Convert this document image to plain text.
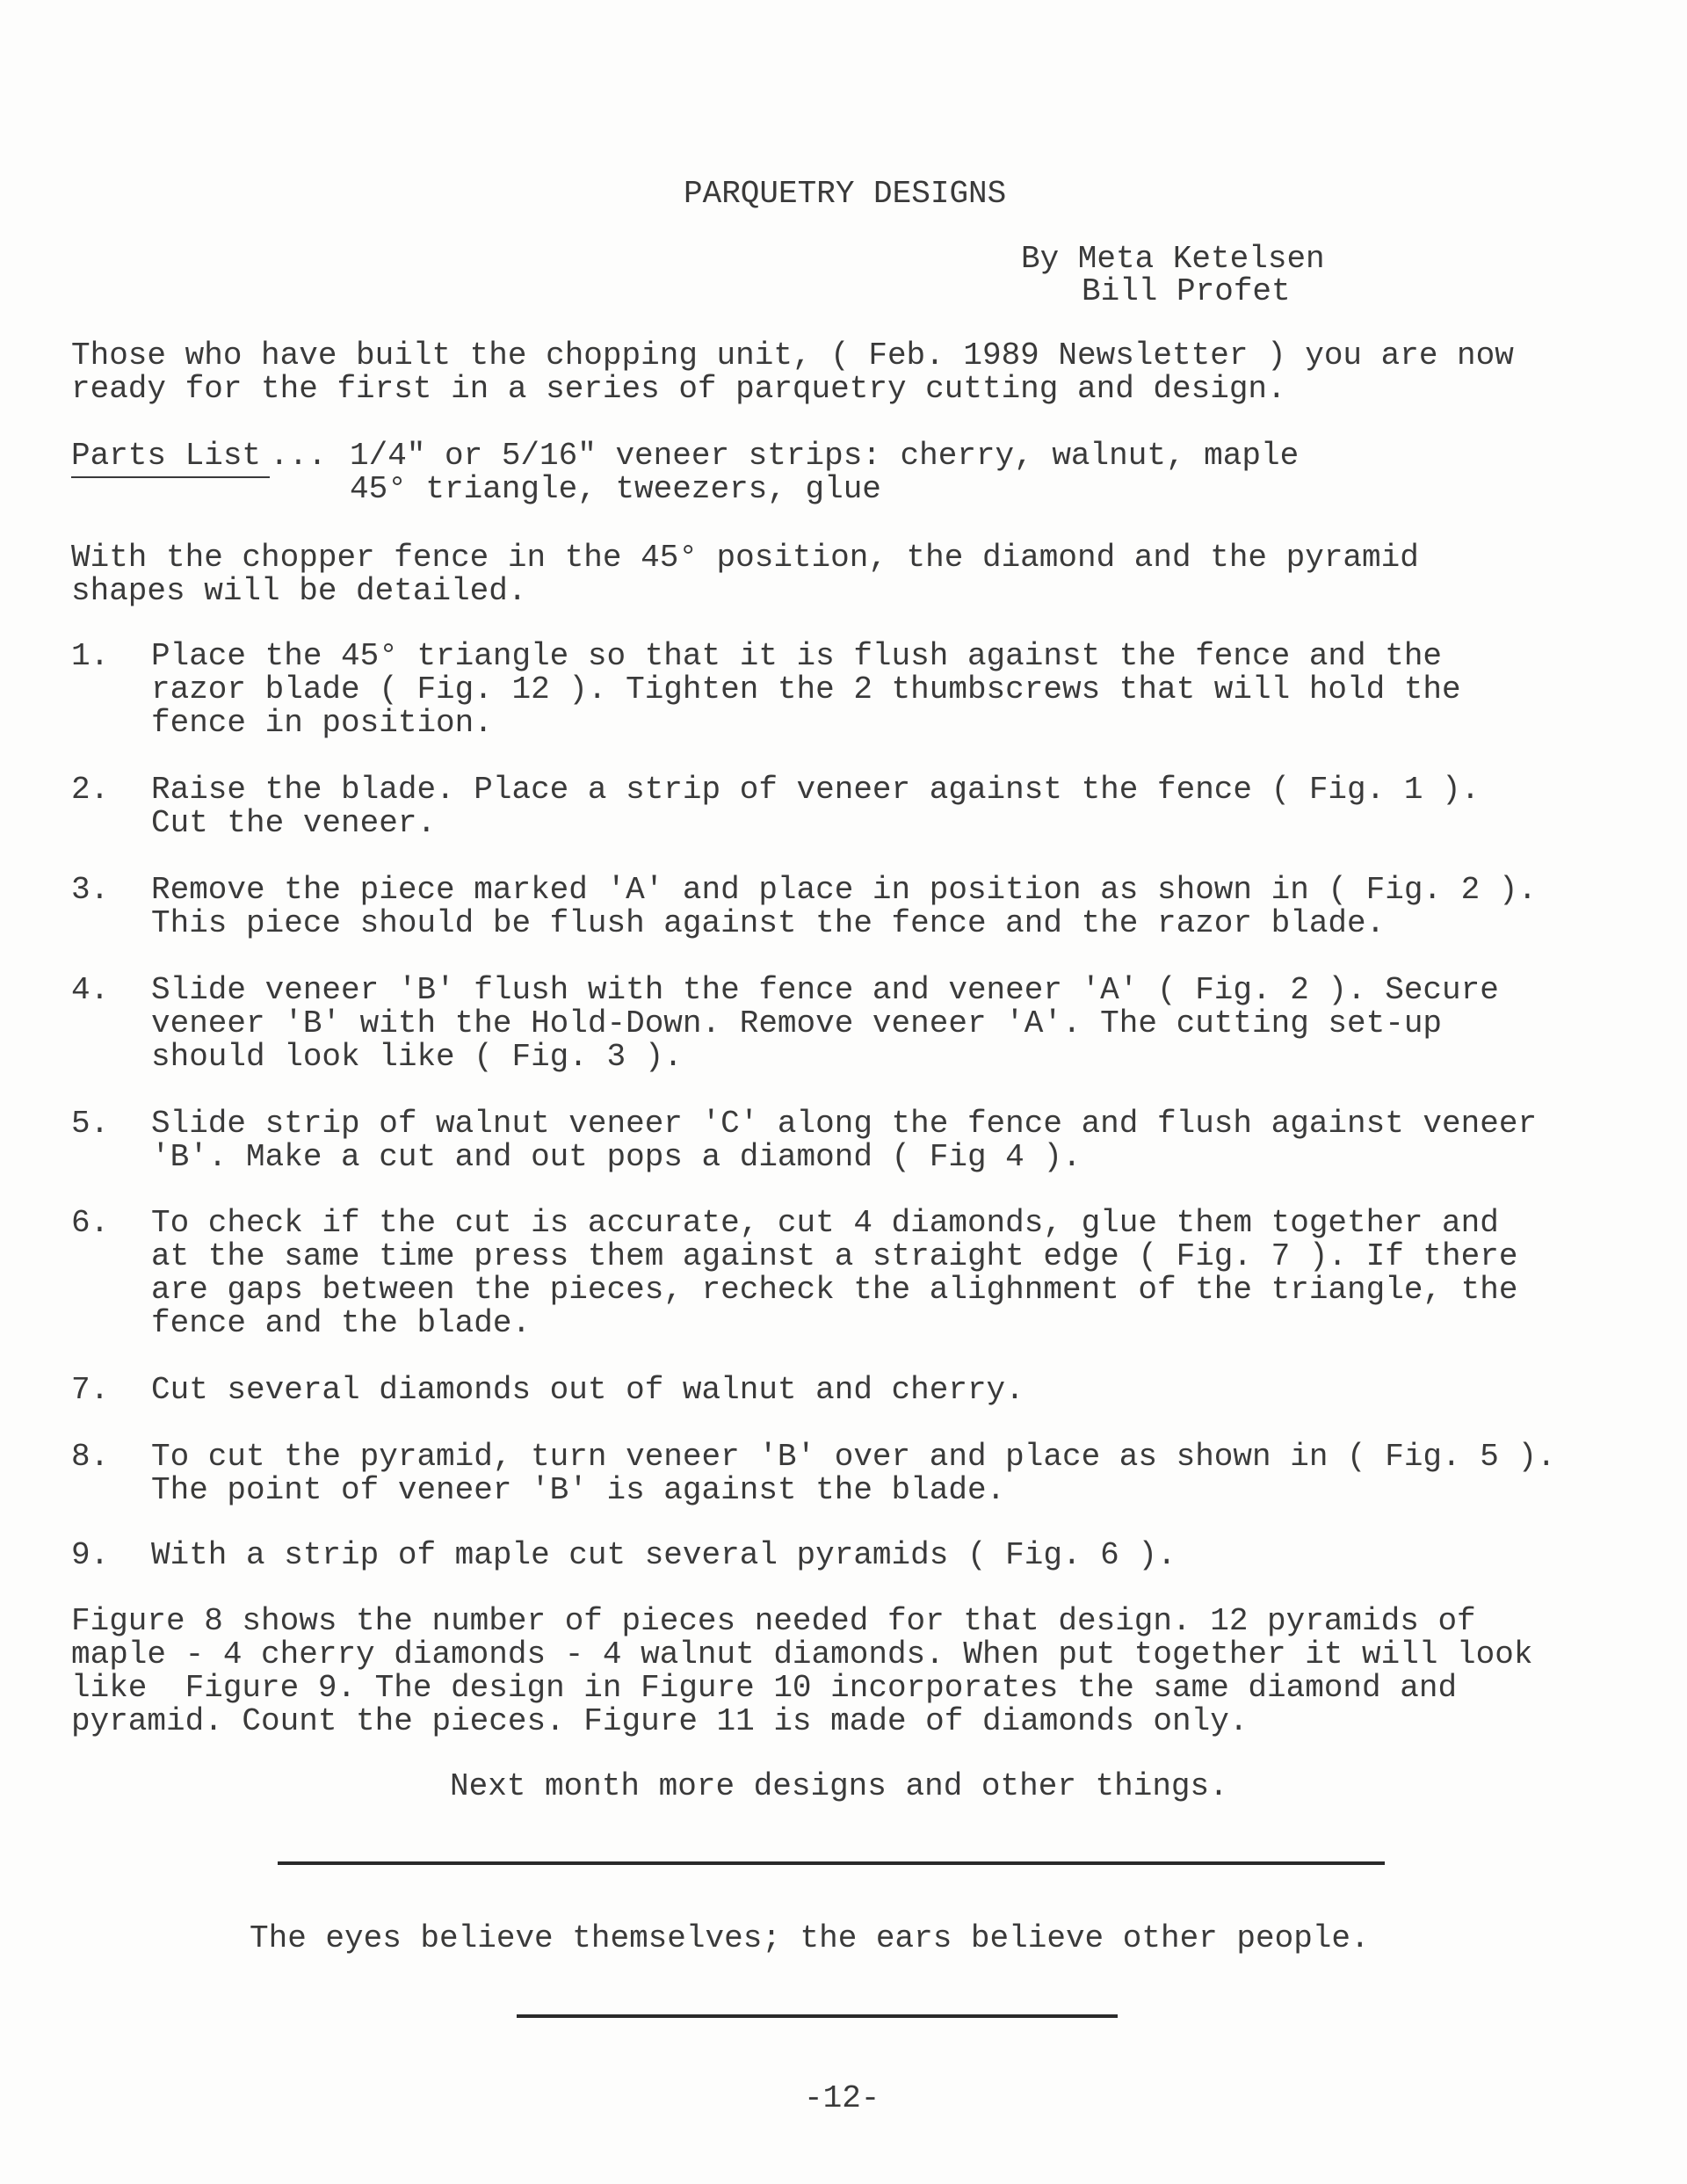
PARQUETRY DESIGNS
By Meta Ketelsen
Bill Profet
Those who have built the chopping unit, ( Feb. 1989 Newsletter ) you are now
ready for the first in a series of parquetry cutting and design.
Parts List ... 1/4" or 5/16" veneer strips: cherry, walnut, maple
45° triangle, tweezers, glue
With the chopper fence in the 45° position, the diamond and the pyramid
shapes will be detailed.
1. Place the 45° triangle so that it is flush against the fence and the
razor blade ( Fig. 12 ). Tighten the 2 thumbscrews that will hold the
fence in position.
2. Raise the blade. Place a strip of veneer against the fence ( Fig. 1 ).
Cut the veneer.
3. Remove the piece marked 'A' and place in position as shown in ( Fig. 2 ).
This piece should be flush against the fence and the razor blade.
4. Slide veneer 'B' flush with the fence and veneer 'A' ( Fig. 2 ). Secure
veneer 'B' with the Hold-Down. Remove veneer 'A'. The cutting set-up
should look like ( Fig. 3 ).
5. Slide strip of walnut veneer 'C' along the fence and flush against veneer
'B'. Make a cut and out pops a diamond ( Fig 4 ).
6. To check if the cut is accurate, cut 4 diamonds, glue them together and
at the same time press them against a straight edge ( Fig. 7 ). If there
are gaps between the pieces, recheck the alighnment of the triangle, the
fence and the blade.
7. Cut several diamonds out of walnut and cherry.
8. To cut the pyramid, turn veneer 'B' over and place as shown in ( Fig. 5 ).
The point of veneer 'B' is against the blade.
9. With a strip of maple cut several pyramids ( Fig. 6 ).
Figure 8 shows the number of pieces needed for that design. 12 pyramids of
maple - 4 cherry diamonds - 4 walnut diamonds. When put together it will look
like  Figure 9. The design in Figure 10 incorporates the same diamond and
pyramid. Count the pieces. Figure 11 is made of diamonds only.
Next month more designs and other things.
The eyes believe themselves; the ears believe other people.
-12-
